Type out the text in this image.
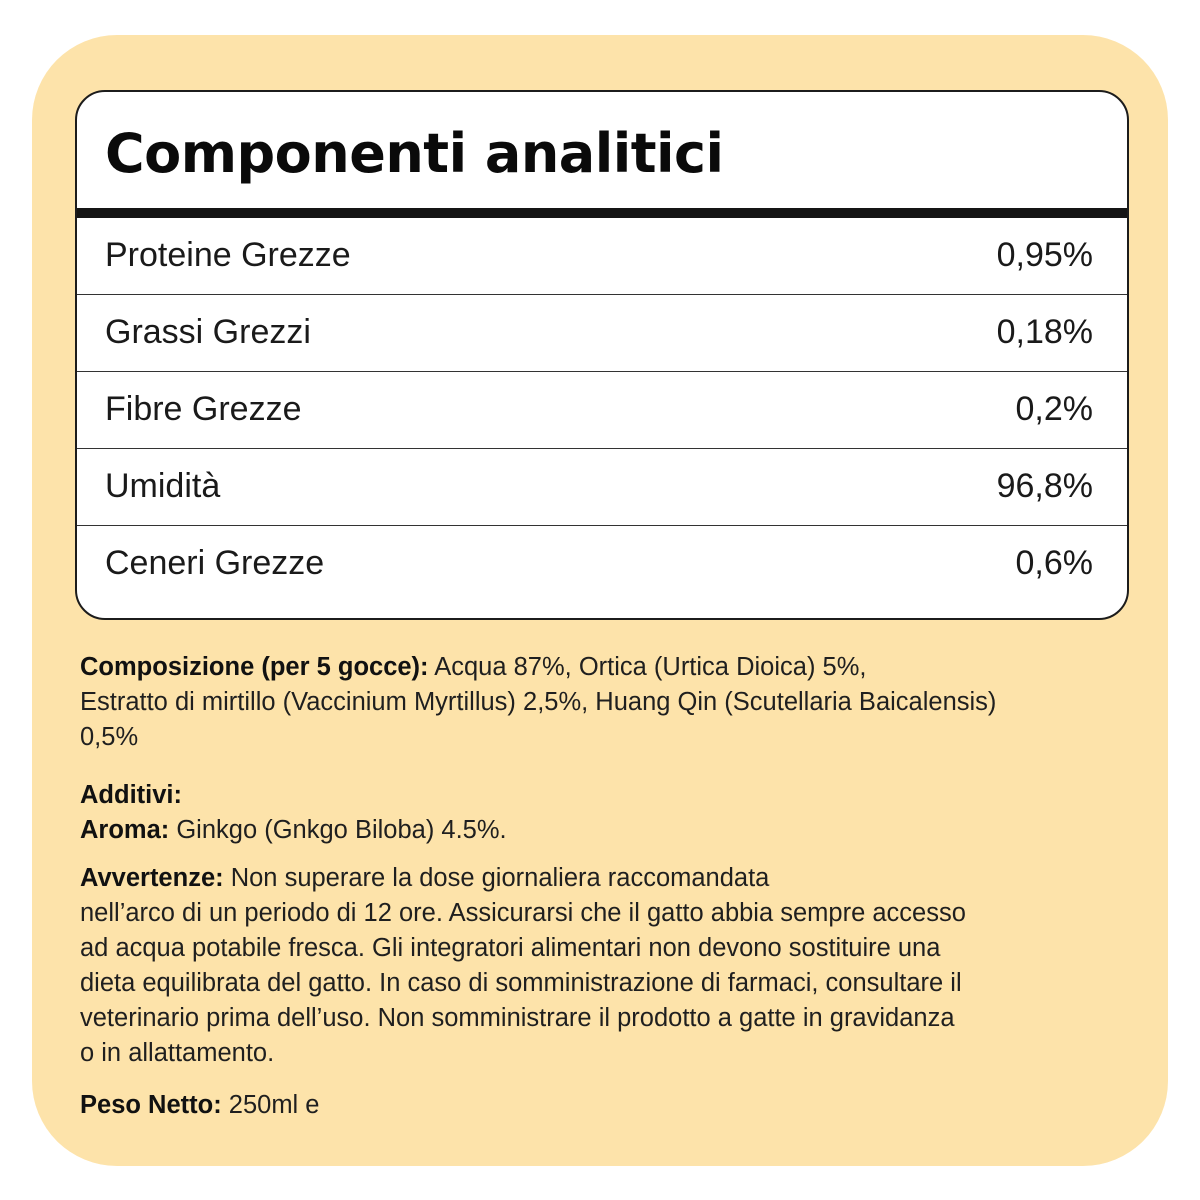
Componenti analitici
Proteine Grezze	0,95%
Grassi Grezzi	0,18%
Fibre Grezze	0,2%
Umidità	96,8%
Ceneri Grezze	0,6%

Composizione (per 5 gocce): Acqua 87%, Ortica (Urtica Dioica) 5%,
Estratto di mirtillo (Vaccinium Myrtillus) 2,5%, Huang Qin (Scutellaria Baicalensis)
0,5%

Additivi:
Aroma: Ginkgo (Gnkgo Biloba) 4.5%.

Avvertenze: Non superare la dose giornaliera raccomandata
nell’arco di un periodo di 12 ore. Assicurarsi che il gatto abbia sempre accesso
ad acqua potabile fresca. Gli integratori alimentari non devono sostituire una
dieta equilibrata del gatto. In caso di somministrazione di farmaci, consultare il
veterinario prima dell’uso. Non somministrare il prodotto a gatte in gravidanza
o in allattamento.

Peso Netto: 250ml e
